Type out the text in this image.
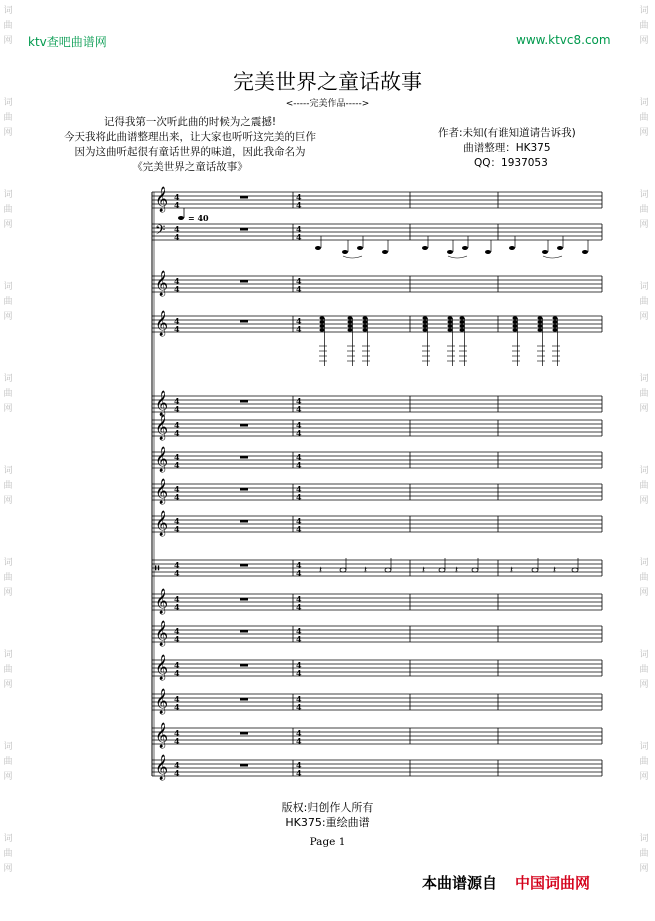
词
曲
网
词
曲
网
词
曲
网
词
曲
网
词
曲
网
词
曲
网
词
曲
网
词
曲
网
词
曲
网
词
曲
网
词
曲
网
词
曲
网
词
曲
网
词
曲
网
词
曲
网
词
曲
网
词
曲
网
词
曲
网
词
曲
网
词
曲
网
ktv查吧曲谱网	www.ktvc8.com
完美世界之童话故事
<-----完美作品----->
记得我第一次听此曲的时候为之震撼!
今天我将此曲谱整理出来，让大家也听听这完美的巨作
因为这曲听起很有童话世界的味道，因此我命名为
《完美世界之童话故事》
作者:未知(有谁知道请告诉我)
曲谱整理：HK375
QQ：1937053
𝄞 4
4
4
4
𝄢 4
4
4
4
𝄞 4
4
4
4
𝄞 4
4
4
4
𝄞 4
4
4
4
𝄞 4
4
4
4
𝄞 4
4
4
4
𝄞 4
4
4
4
𝄞 4
4
4
4
𝄥 4
4
4
4
𝄞 4
4
4
4
𝄞 4
4
4
4
𝄞 4
4
4
4
𝄞 4
4
4
4
𝄞 4
4
4
4
𝄞 4
4
4
4
= 40
𝄽	𝄽	𝄽	𝄽	𝄽	𝄽
版权:归创作人所有
HK375:重绘曲谱
Page 1
本曲谱源自 中国词曲网
